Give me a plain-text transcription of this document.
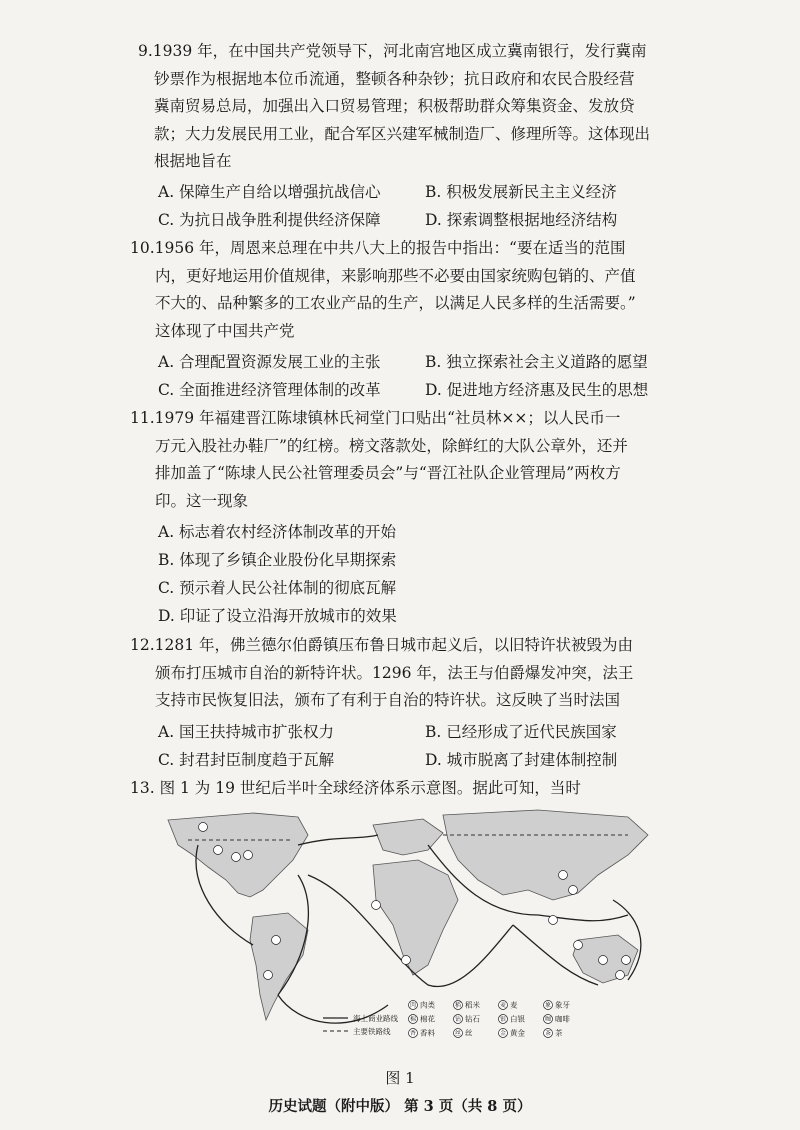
9.1939 年，在中国共产党领导下，河北南宫地区成立冀南银行，发行冀南
钞票作为根据地本位币流通，整顿各种杂钞；抗日政府和农民合股经营
冀南贸易总局，加强出入口贸易管理；积极帮助群众筹集资金、发放贷
款；大力发展民用工业，配合军区兴建军械制造厂、修理所等。这体现出
根据地旨在
A. 保障生产自给以增强抗战信心	B. 积极发展新民主主义经济
C. 为抗日战争胜利提供经济保障	D. 探索调整根据地经济结构
10.1956 年，周恩来总理在中共八大上的报告中指出：“要在适当的范围
内，更好地运用价值规律，来影响那些不必要由国家统购包销的、产值
不大的、品种繁多的工农业产品的生产，以满足人民多样的生活需要。”
这体现了中国共产党
A. 合理配置资源发展工业的主张	B. 独立探索社会主义道路的愿望
C. 全面推进经济管理体制的改革	D. 促进地方经济惠及民生的思想
11.1979 年福建晋江陈埭镇林氏祠堂门口贴出“社员林××；以人民币一
万元入股社办鞋厂”的红榜。榜文落款处，除鲜红的大队公章外，还并
排加盖了“陈埭人民公社管理委员会”与“晋江社队企业管理局”两枚方
印。这一现象
A. 标志着农村经济体制改革的开始
B. 体现了乡镇企业股份化早期探索
C. 预示着人民公社体制的彻底瓦解
D. 印证了设立沿海开放城市的效果
12.1281 年，佛兰德尔伯爵镇压布鲁日城市起义后，以旧特许状被毁为由
颁布打压城市自治的新特许状。1296 年，法王与伯爵爆发冲突，法王
支持市民恢复旧法，颁布了有利于自治的特许状。这反映了当时法国
A. 国王扶持城市扩张权力	B. 已经形成了近代民族国家
C. 封君封臣制度趋于瓦解	D. 城市脱离了封建体制控制
13. 图 1 为 19 世纪后半叶全球经济体系示意图。据此可知，当时
海上商业路线
主要铁路线
肉 肉类	稻 稻米	麦 麦	象 象牙
棉 棉花	钻 钻石	银 白银	咖 咖啡
香 香料	丝 丝	金 黄金	茶 茶
图 1
历史试题（附中版） 第 3 页（共 8 页）
